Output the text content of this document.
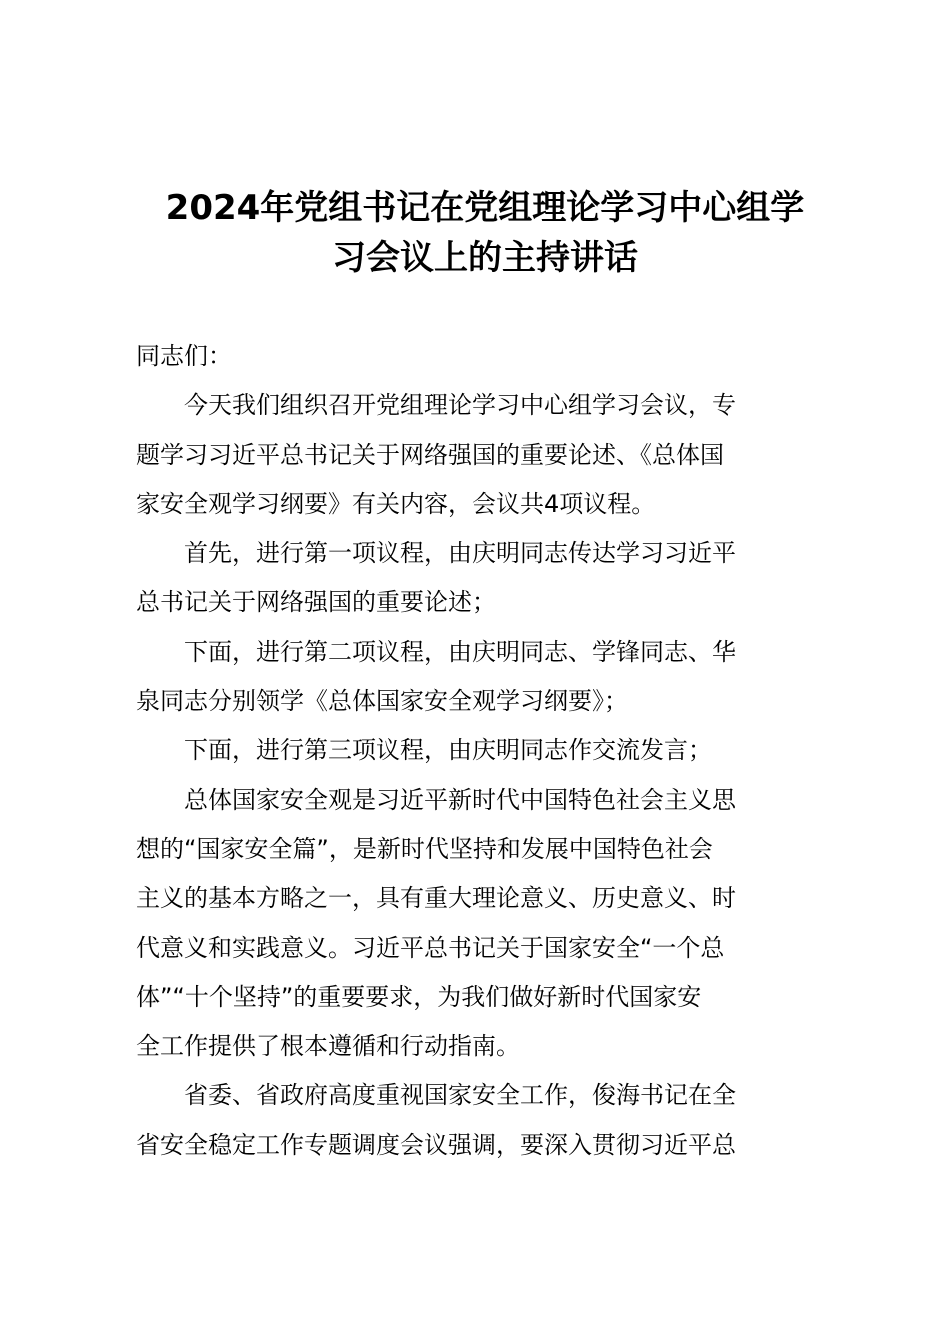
2024年党组书记在党组理论学习中心组学
习会议上的主持讲话
同志们：
今天我们组织召开党组理论学习中心组学习会议，专
题学习习近平总书记关于网络强国的重要论述、《总体国
家安全观学习纲要》有关内容，会议共4项议程。
首先，进行第一项议程，由庆明同志传达学习习近平
总书记关于网络强国的重要论述；
下面，进行第二项议程，由庆明同志、学锋同志、华
泉同志分别领学《总体国家安全观学习纲要》；
下面，进行第三项议程，由庆明同志作交流发言；
总体国家安全观是习近平新时代中国特色社会主义思
想的“国家安全篇”，是新时代坚持和发展中国特色社会
主义的基本方略之一，具有重大理论意义、历史意义、时
代意义和实践意义。习近平总书记关于国家安全“一个总
体”“十个坚持”的重要要求，为我们做好新时代国家安
全工作提供了根本遵循和行动指南。
省委、省政府高度重视国家安全工作，俊海书记在全
省安全稳定工作专题调度会议强调，要深入贯彻习近平总
